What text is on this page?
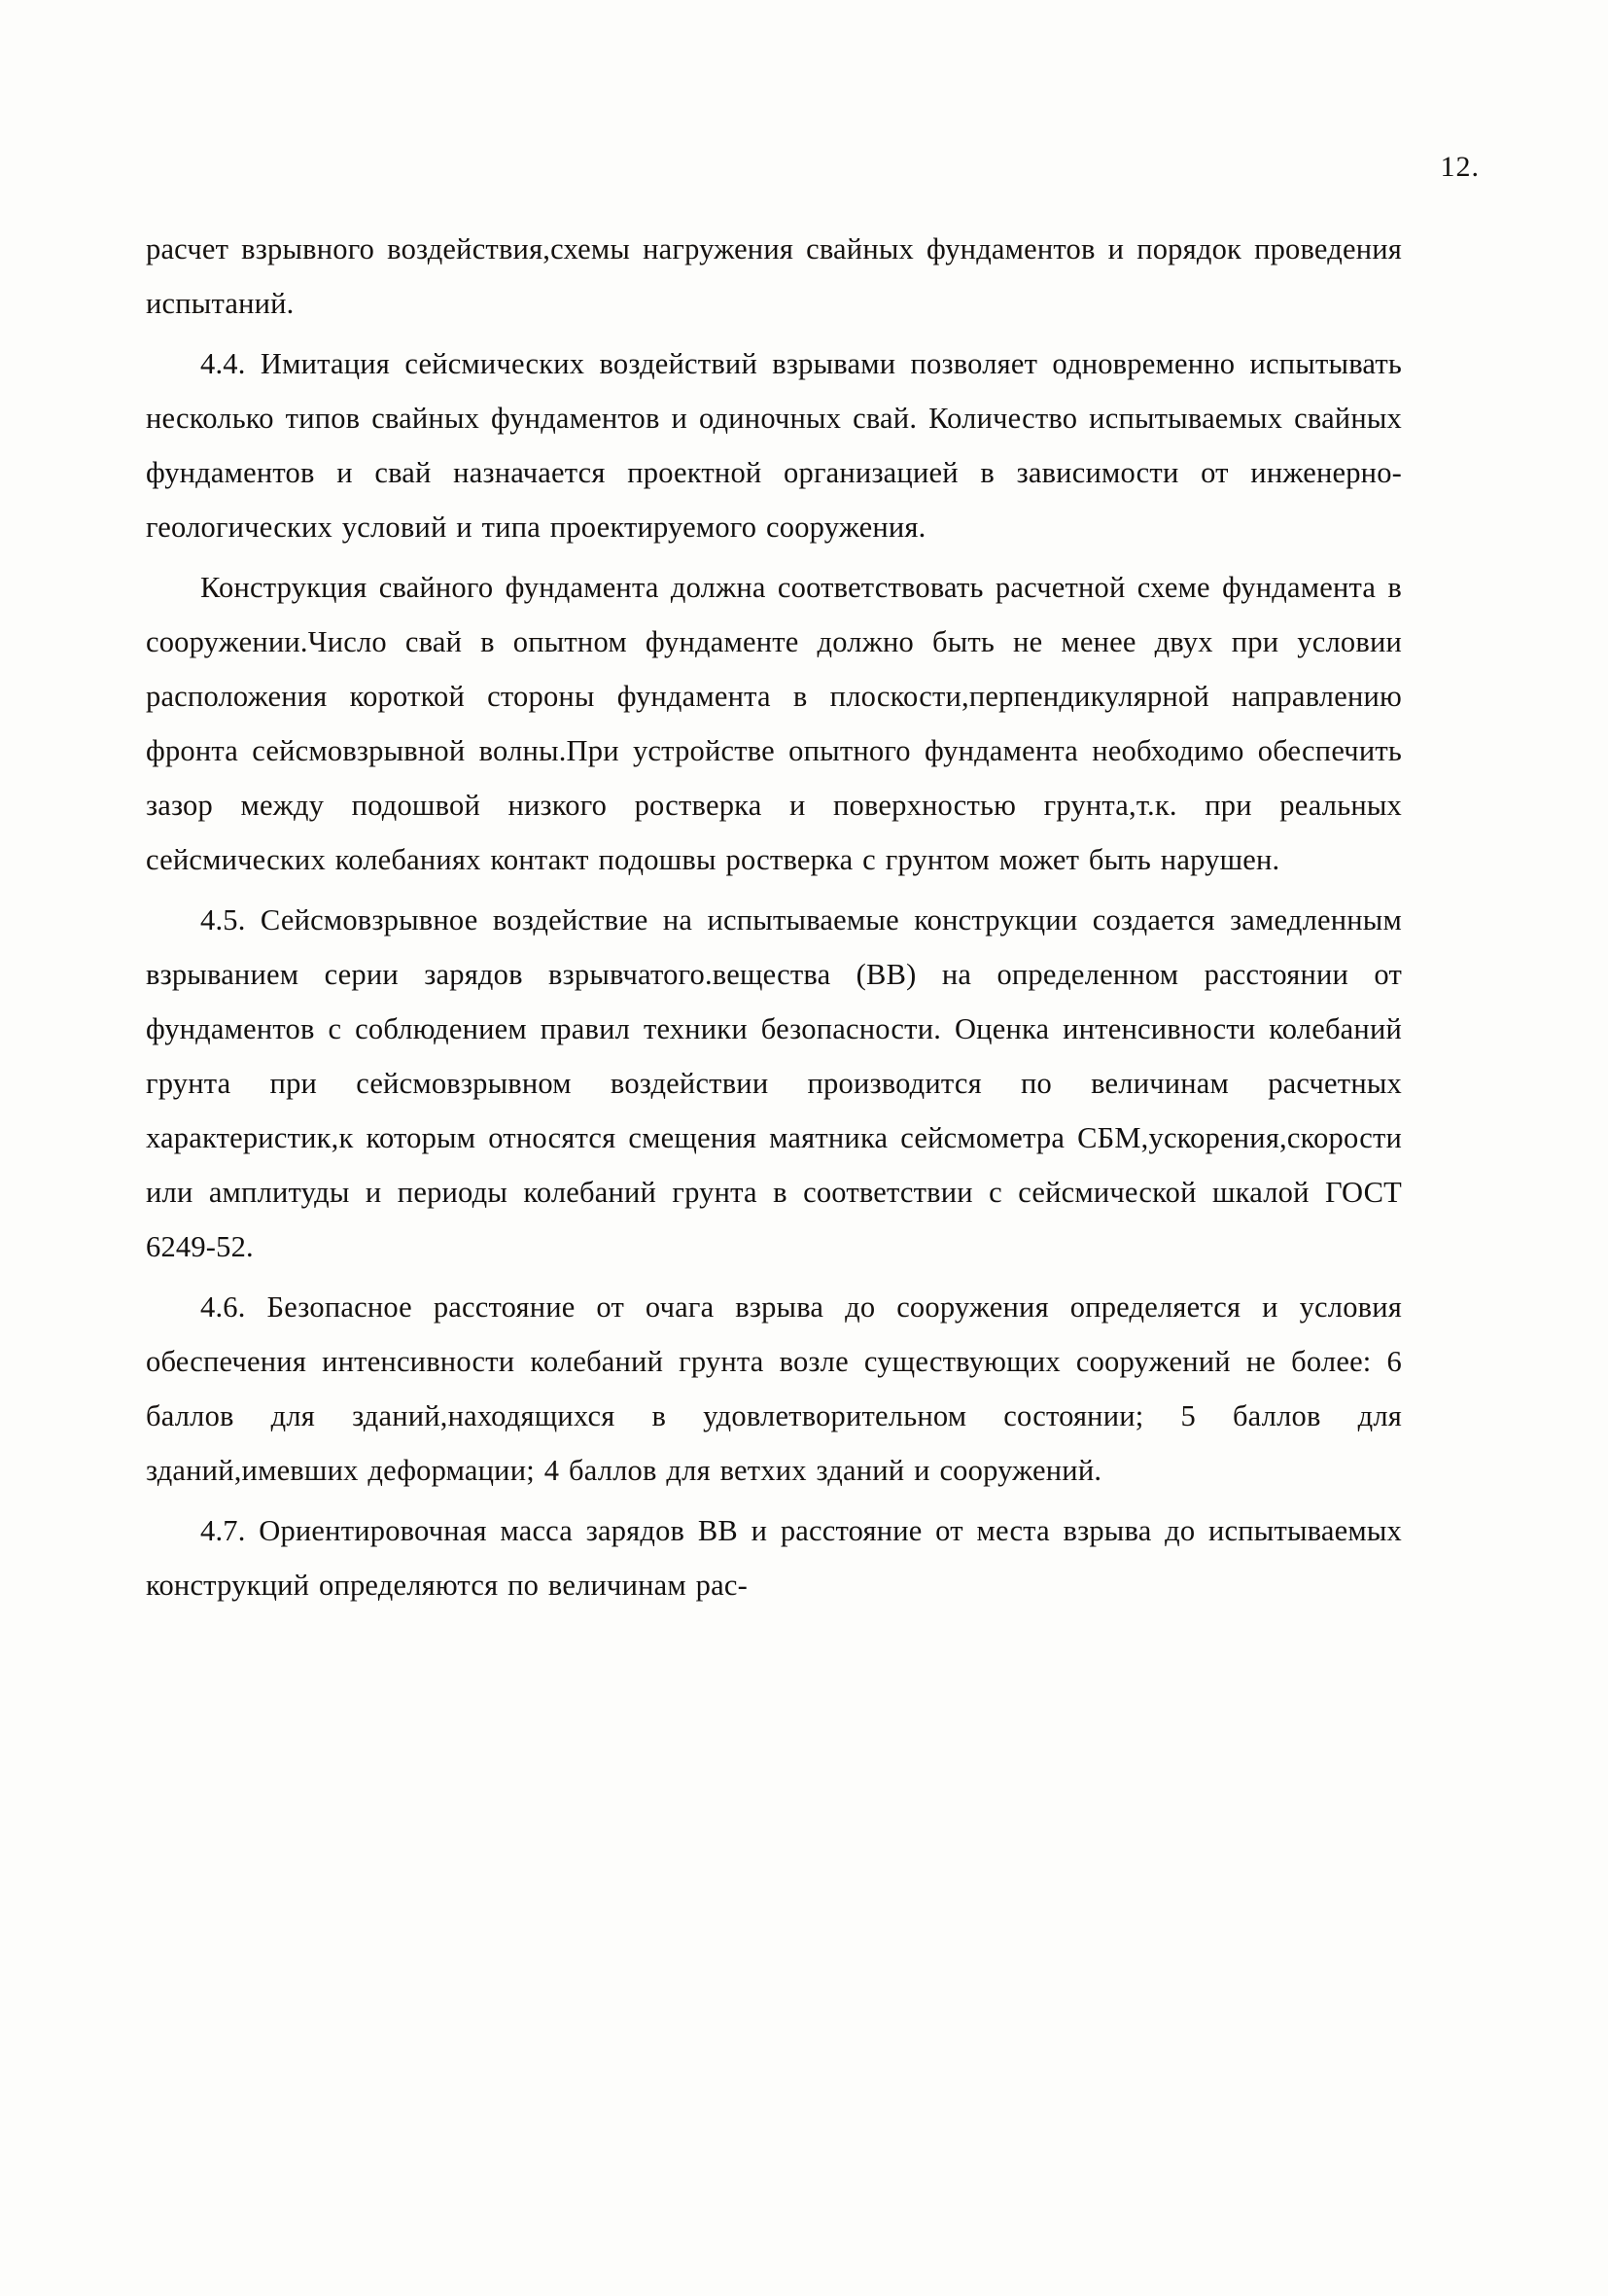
12.

расчет взрывного воздействия,схемы нагружения свайных фундаментов и порядок проведения испытаний.

4.4. Имитация сейсмических воздействий взрывами позволяет одновременно испытывать несколько типов свайных фундаментов и одиночных свай. Количество испытываемых свайных фундаментов и свай назначается проектной организацией в зависимости от инженерно-геологических условий и типа проектируемого сооружения.

Конструкция свайного фундамента должна соответствовать расчетной схеме фундамента в сооружении.Число свай в опытном фундаменте должно быть не менее двух при условии расположения короткой стороны фундамента в плоскости,перпендикулярной направлению фронта сейсмовзрывной волны.При устройстве опытного фундамента необходимо обеспечить зазор между подошвой низкого ростверка и поверхностью грунта,т.к. при реальных сейсмических колебаниях контакт подошвы ростверка с грунтом может быть нарушен.

4.5. Сейсмовзрывное воздействие на испытываемые конструкции создается замедленным взрыванием серии зарядов взрывчатого.вещества (ВВ) на определенном расстоянии от фундаментов с соблюдением правил техники безопасности. Оценка интенсивности колебаний грунта при сейсмовзрывном воздействии производится по величинам расчетных характеристик,к которым относятся смещения маятника сейсмометра СБМ,ускорения,скорости или амплитуды и периоды колебаний грунта в соответствии с сейсмической шкалой ГОСТ 6249-52.

4.6. Безопасное расстояние от очага взрыва до сооружения определяется и условия обеспечения интенсивности колебаний грунта возле существующих сооружений не более: 6 баллов для зданий,находящихся в удовлетворительном состоянии; 5 баллов для зданий,имевших деформации; 4 баллов для ветхих зданий и сооружений.

4.7. Ориентировочная масса зарядов ВВ и расстояние от места взрыва до испытываемых конструкций определяются по величинам рас-
